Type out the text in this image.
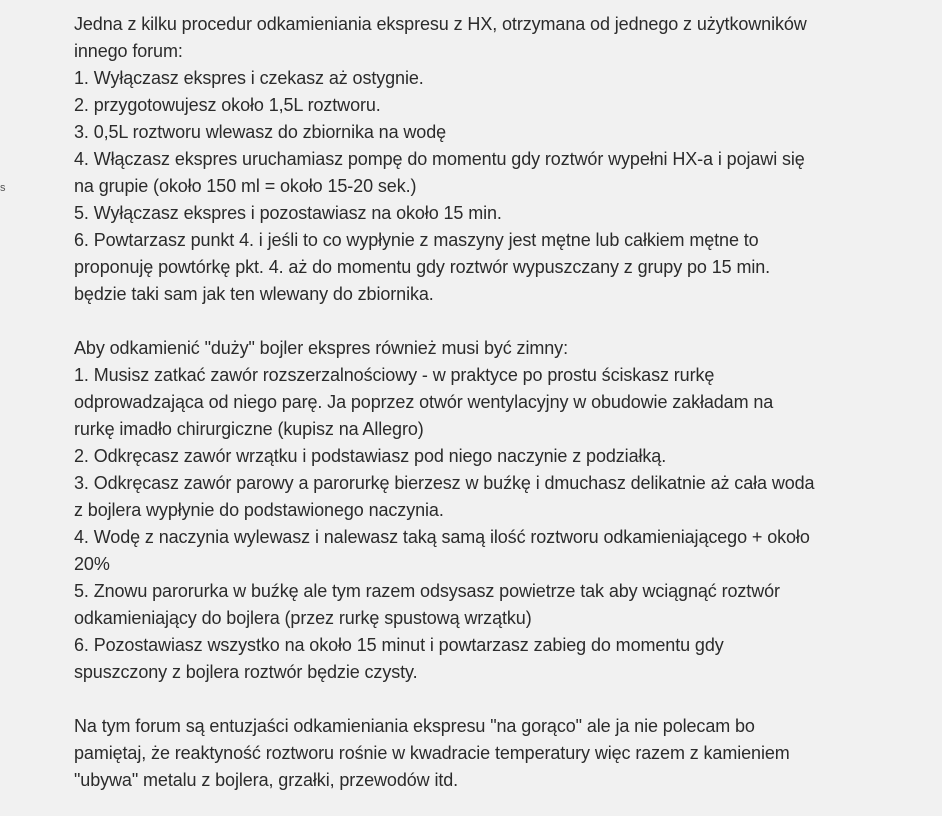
s
Jedna z kilku procedur odkamieniania ekspresu z HX, otrzymana od jednego z użytkowników
innego forum:
1. Wyłączasz ekspres i czekasz aż ostygnie.
2. przygotowujesz około 1,5L roztworu.
3. 0,5L roztworu wlewasz do zbiornika na wodę
4. Włączasz ekspres uruchamiasz pompę do momentu gdy roztwór wypełni HX-a i pojawi się
na grupie (około 150 ml = około 15-20 sek.)
5. Wyłączasz ekspres i pozostawiasz na około 15 min.
6. Powtarzasz punkt 4. i jeśli to co wypłynie z maszyny jest mętne lub całkiem mętne to
proponuję powtórkę pkt. 4. aż do momentu gdy roztwór wypuszczany z grupy po 15 min.
będzie taki sam jak ten wlewany do zbiornika.
Aby odkamienić "duży" bojler ekspres również musi być zimny:
1. Musisz zatkać zawór rozszerzalnościowy - w praktyce po prostu ściskasz rurkę
odprowadzająca od niego parę. Ja poprzez otwór wentylacyjny w obudowie zakładam na
rurkę imadło chirurgiczne (kupisz na Allegro)
2. Odkręcasz zawór wrzątku i podstawiasz pod niego naczynie z podziałką.
3. Odkręcasz zawór parowy a parorurkę bierzesz w buźkę i dmuchasz delikatnie aż cała woda
z bojlera wypłynie do podstawionego naczynia.
4. Wodę z naczynia wylewasz i nalewasz taką samą ilość roztworu odkamieniającego + około
20%
5. Znowu parorurka w buźkę ale tym razem odsysasz powietrze tak aby wciągnąć roztwór
odkamieniający do bojlera (przez rurkę spustową wrzątku)
6. Pozostawiasz wszystko na około 15 minut i powtarzasz zabieg do momentu gdy
spuszczony z bojlera roztwór będzie czysty.
Na tym forum są entuzjaści odkamieniania ekspresu "na gorąco" ale ja nie polecam bo
pamiętaj, że reaktyność roztworu rośnie w kwadracie temperatury więc razem z kamieniem
"ubywa" metalu z bojlera, grzałki, przewodów itd.
